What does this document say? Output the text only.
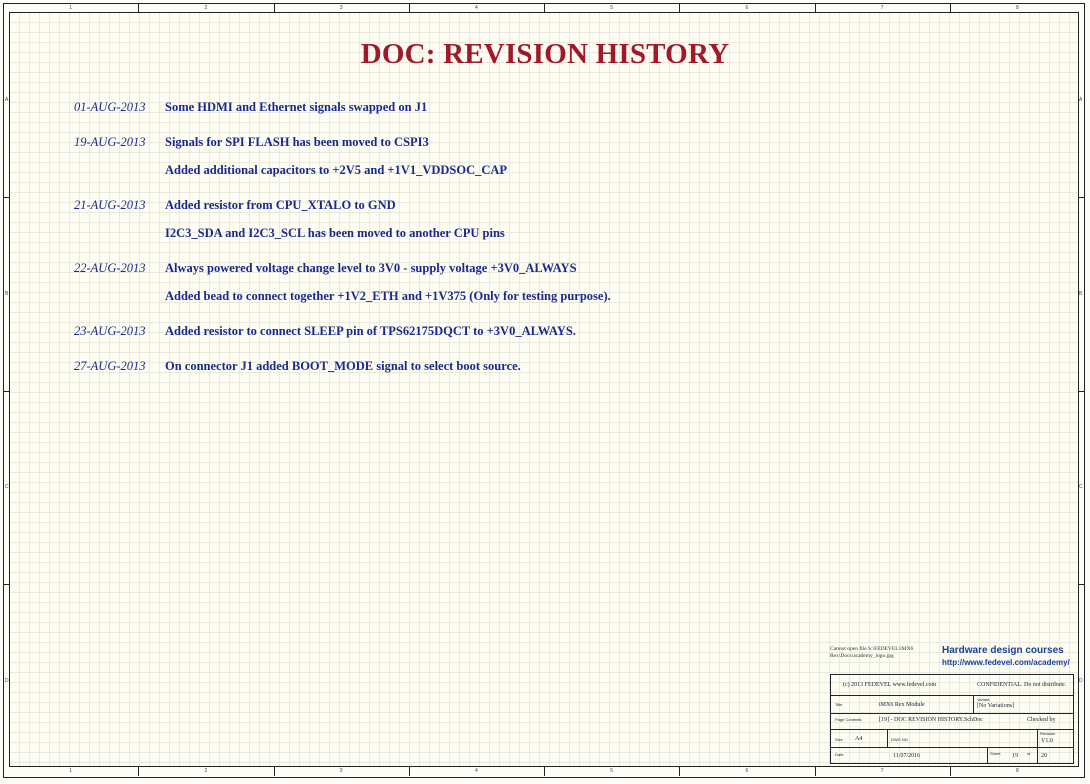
1
1
2
2
3
3
4
4
5
5
6
6
7
7
8
8
A	A
B	B
C	C
D	D
DOC: REVISION HISTORY
01-AUG-2013 Some HDMI and Ethernet signals swapped on J1
19-AUG-2013 Signals for SPI FLASH has been moved to CSPI3
Added additional capacitors to +2V5 and +1V1_VDDSOC_CAP
21-AUG-2013 Added resistor from CPU_XTALO to GND
I2C3_SDA and I2C3_SCL has been moved to another CPU pins
22-AUG-2013 Always powered voltage change level to 3V0 - supply voltage +3V0_ALWAYS
Added bead to connect together +1V2_ETH and +1V375 (Only for testing purpose).
23-AUG-2013 Added resistor to connect SLEEP pin of TPS62175DQCT to +3V0_ALWAYS.
27-AUG-2013 On connector J1 added BOOT_MODE signal to select boot source.
Cannot open file S:\FEDEVEL\iMX6
Rex\Docs\academy_logo.jpg	Hardware design courses
http://www.fedevel.com/academy/
(c) 2013 FEDEVEL www.fedevel.com	CONFIDENTIAL. Do not distribute.
Title	iMX6 Rex Module
Variant
[No Variations]
Page Contents	[19] - DOC REVISION HISTORY.SchDoc	Checked by
Size A4	DWG NO
Revision
V1.0
Date	11/07/2016	Sheet 19 of 20
